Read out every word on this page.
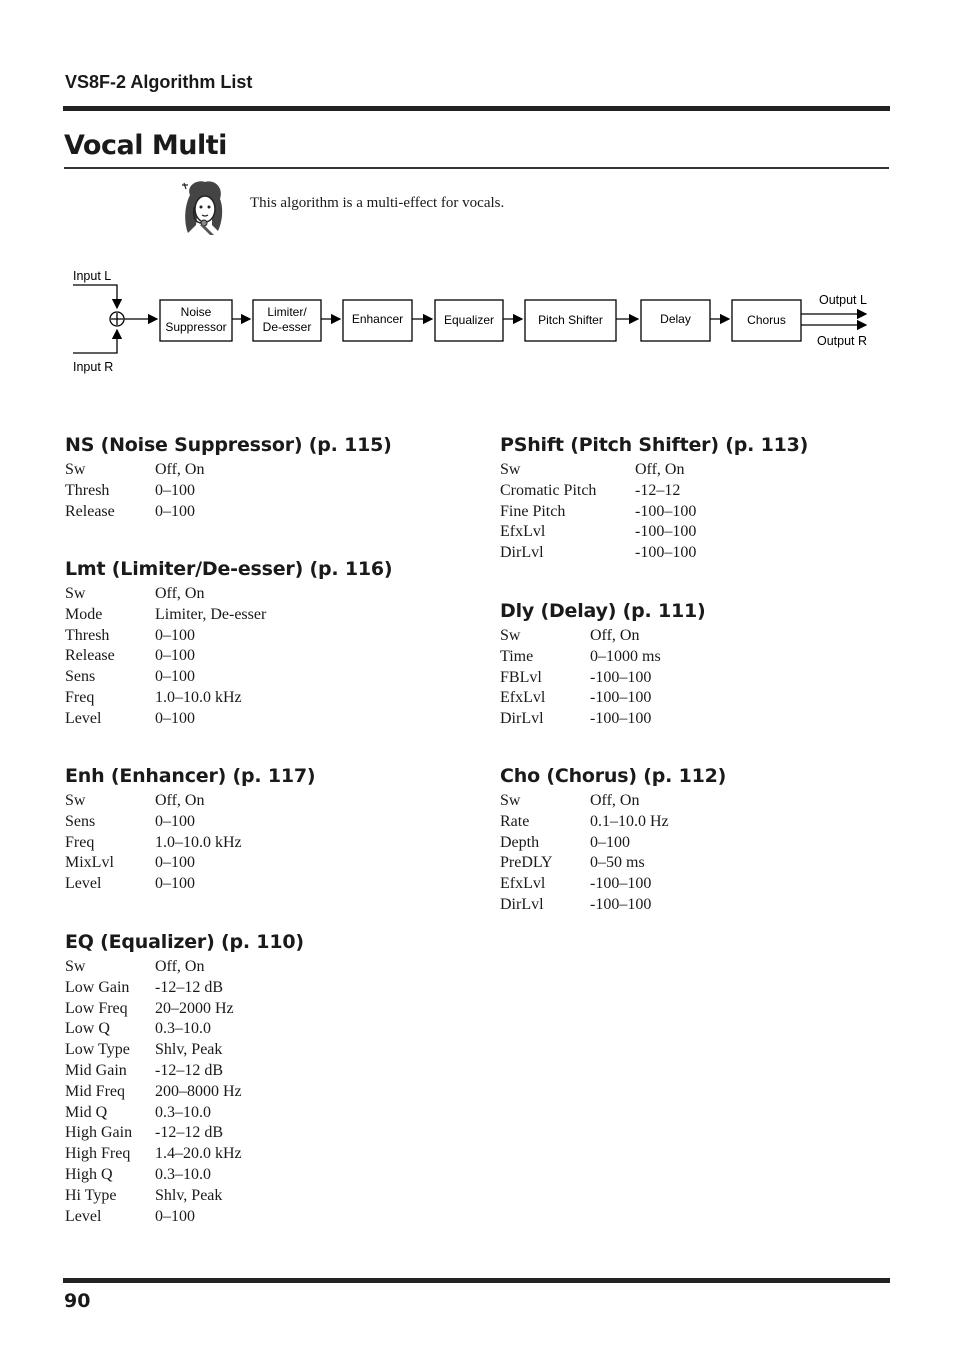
VS8F-2 Algorithm List
Vocal Multi
This algorithm is a multi-effect for vocals.
Input L
Input R
Output L
Output R
Noise
Suppressor
Limiter/
De-esser
Enhancer	Equalizer	Pitch Shifter	Delay	Chorus
NS (Noise Suppressor) (p. 115)
Sw	Off, On
Thresh	0–100
Release	0–100
Lmt (Limiter/De-esser) (p. 116)
Sw	Off, On
Mode	Limiter, De-esser
Thresh	0–100
Release	0–100
Sens	0–100
Freq	1.0–10.0 kHz
Level	0–100
Enh (Enhancer) (p. 117)
Sw	Off, On
Sens	0–100
Freq	1.0–10.0 kHz
MixLvl	0–100
Level	0–100
EQ (Equalizer) (p. 110)
Sw	Off, On
Low Gain	-12–12 dB
Low Freq	20–2000 Hz
Low Q	0.3–10.0
Low Type	Shlv, Peak
Mid Gain	-12–12 dB
Mid Freq	200–8000 Hz
Mid Q	0.3–10.0
High Gain	-12–12 dB
High Freq	1.4–20.0 kHz
High Q	0.3–10.0
Hi Type	Shlv, Peak
Level	0–100
PShift (Pitch Shifter) (p. 113)
Sw	Off, On
Cromatic Pitch	-12–12
Fine Pitch	-100–100
EfxLvl	-100–100
DirLvl	-100–100
Dly (Delay) (p. 111)
Sw	Off, On
Time	0–1000 ms
FBLvl	-100–100
EfxLvl	-100–100
DirLvl	-100–100
Cho (Chorus) (p. 112)
Sw	Off, On
Rate	0.1–10.0 Hz
Depth	0–100
PreDLY	0–50 ms
EfxLvl	-100–100
DirLvl	-100–100
90
